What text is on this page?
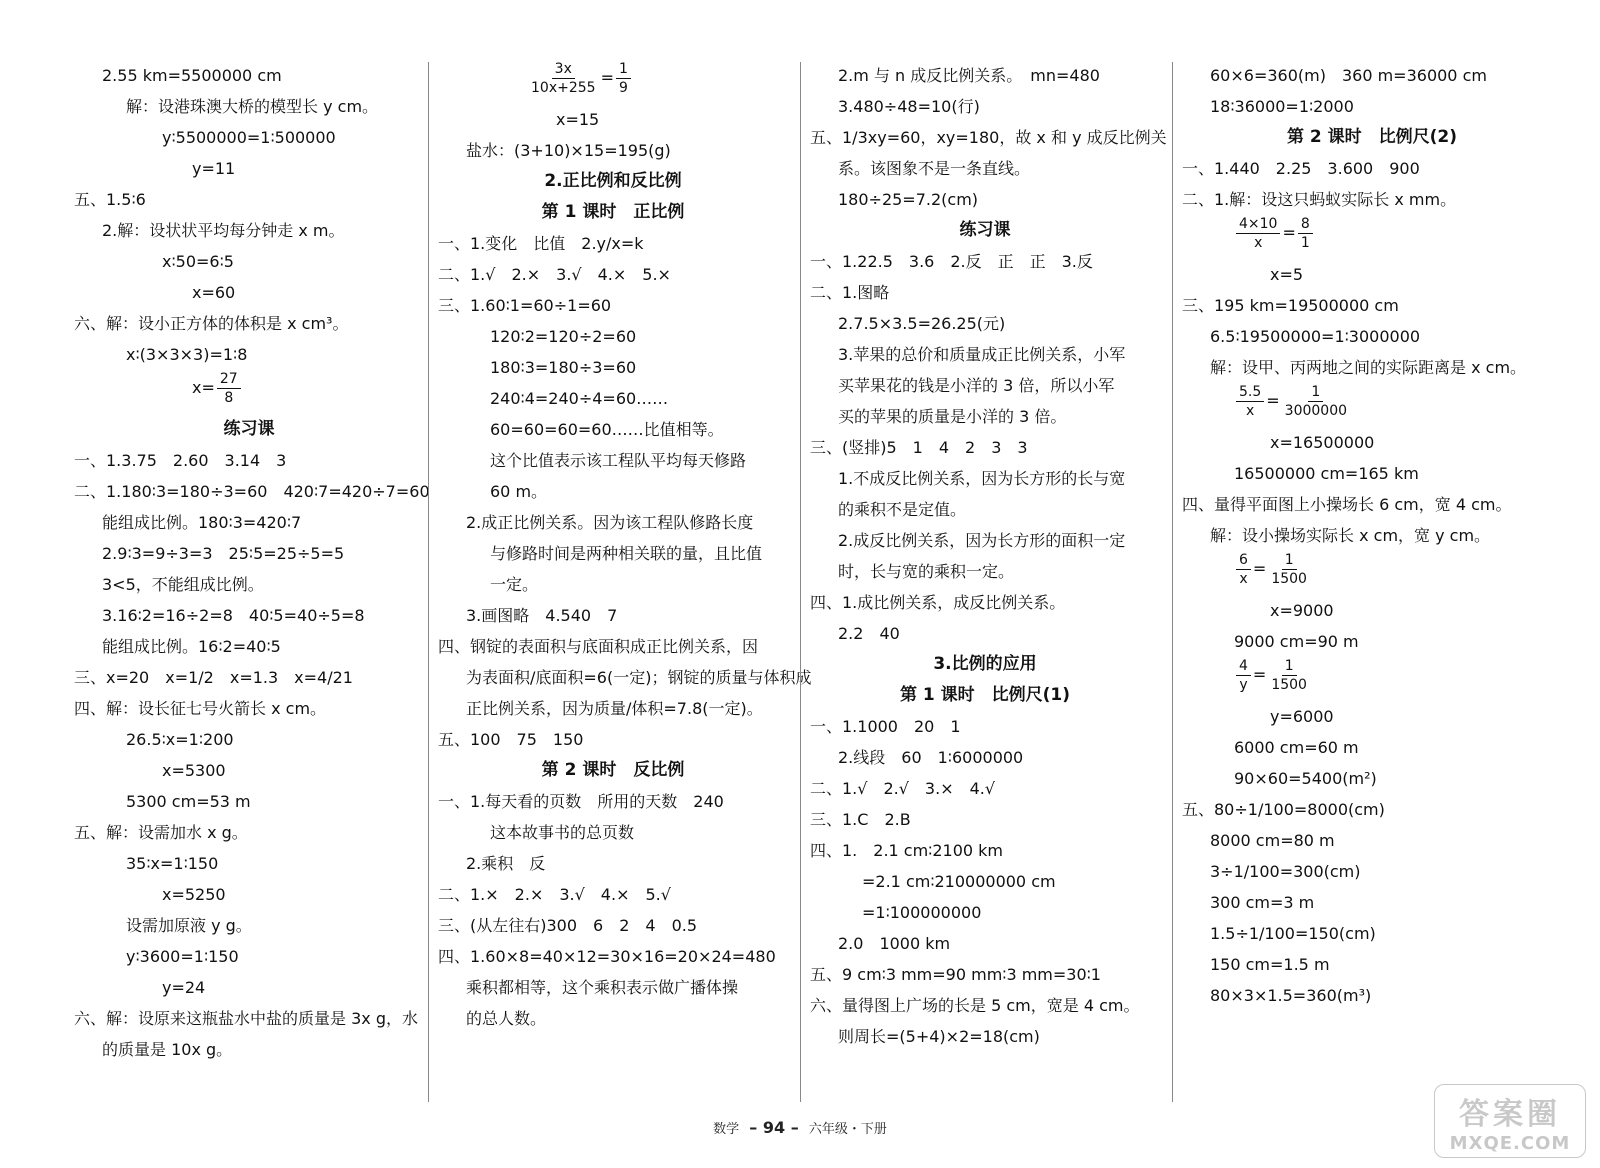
2.55 km=5500000 cm
解：设港珠澳大桥的模型长 y cm。
y∶5500000=1∶500000
y=11
五、1.5∶6
2.解：设状状平均每分钟走 x m。
x∶50=6∶5
x=60
六、解：设小正方体的体积是 x cm³。
x∶(3×3×3)=1∶8
$x= \frac{27}{8}$
练习课
一、1.3.75　2.60　3.14　3
二、1.180∶3=180÷3=60　420∶7=420÷7=60
能组成比例。180∶3=420∶7
2.9∶3=9÷3=3　25∶5=25÷5=5
3<5，不能组成比例。
3.16∶2=16÷2=8　40∶5=40÷5=8
能组成比例。16∶2=40∶5
三、x=20　x=1/2　x=1.3　x=4/21
四、解：设长征七号火箭长 x cm。
26.5∶x=1∶200
x=5300
5300 cm=53 m
五、解：设需加水 x g。
35∶x=1∶150
x=5250
设需加原液 y g。
y∶3600=1∶150
y=24
六、解：设原来这瓶盐水中盐的质量是 3x g，水
的质量是 10x g。
$\frac{3x}{10x+255} = \frac{1}{9}$
x=15
盐水：(3+10)×15=195(g)
2.正比例和反比例
第 1 课时　正比例
一、1.变化　比值　2.y/x=k
二、1.√　2.×　3.√　4.×　5.×
三、1.60∶1=60÷1=60
120∶2=120÷2=60
180∶3=180÷3=60
240∶4=240÷4=60……
60=60=60=60……比值相等。
这个比值表示该工程队平均每天修路
60 m。
2.成正比例关系。因为该工程队修路长度
与修路时间是两种相关联的量，且比值
一定。
3.画图略　4.540　7
四、钢锭的表面积与底面积成正比例关系，因
为表面积/底面积=6(一定)；钢锭的质量与体积成
正比例关系，因为质量/体积=7.8(一定)。
五、100　75　150
第 2 课时　反比例
一、1.每天看的页数　所用的天数　240
这本故事书的总页数
2.乘积　反
二、1.×　2.×　3.√　4.×　5.√
三、(从左往右)300　6　2　4　0.5
四、1.60×8=40×12=30×16=20×24=480
乘积都相等，这个乘积表示做广播体操
的总人数。
2.m 与 n 成反比例关系。　mn=480
3.480÷48=10(行)
五、1/3xy=60，xy=180，故 x 和 y 成反比例关
系。该图象不是一条直线。
180÷25=7.2(cm)
练习课
一、1.22.5　3.6　2.反　正　正　3.反
二、1.图略
2.7.5×3.5=26.25(元)
3.苹果的总价和质量成正比例关系，小军
买苹果花的钱是小洋的 3 倍，所以小军
买的苹果的质量是小洋的 3 倍。
三、(竖排)5　1　4　2　3　3
1.不成反比例关系，因为长方形的长与宽
的乘积不是定值。
2.成反比例关系，因为长方形的面积一定
时，长与宽的乘积一定。
四、1.成比例关系，成反比例关系。
2.2　40
3.比例的应用
第 1 课时　比例尺(1)
一、1.1000　20　1
2.线段　60　1∶6000000
二、1.√　2.√　3.×　4.√
三、1.C　2.B
四、1.　2.1 cm∶2100 km
=2.1 cm∶210000000 cm
=1∶100000000
2.0　1000 km
五、9 cm∶3 mm=90 mm∶3 mm=30∶1
六、量得图上广场的长是 5 cm，宽是 4 cm。
则周长=(5+4)×2=18(cm)
60×6=360(m)　360 m=36000 cm
18∶36000=1∶2000
第 2 课时　比例尺(2)
一、1.440　2.25　3.600　900
二、1.解：设这只蚂蚁实际长 x mm。
$\frac{4\times 10}{x} = \frac{8}{1}$
x=5
三、195 km=19500000 cm
6.5∶19500000=1∶3000000
解：设甲、丙两地之间的实际距离是 x cm。
$\frac{5.5}{x} = \frac{1}{3000000}$
x=16500000
16500000 cm=165 km
四、量得平面图上小操场长 6 cm，宽 4 cm。
解：设小操场实际长 x cm，宽 y cm。
$\frac{6}{x} = \frac{1}{1500}$
x=9000
9000 cm=90 m
$\frac{4}{y} = \frac{1}{1500}$
y=6000
6000 cm=60 m
90×60=5400(m²)
五、80÷1/100=8000(cm)
8000 cm=80 m
3÷1/100=300(cm)
300 cm=3 m
1.5÷1/100=150(cm)
150 cm=1.5 m
80×3×1.5=360(m³)
数学 – 94 – 六年级・下册	答案圈
MXQE.COM
